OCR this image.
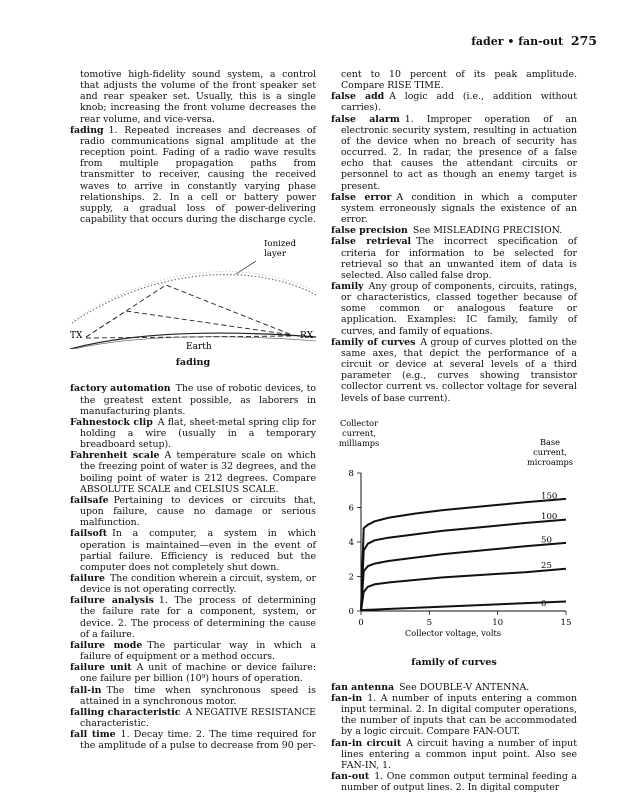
fader • fan-out 275

tomotive high-fidelity sound system, a control that adjusts the volume of the front speaker set and rear speaker set. Usually, this is a single knob; increasing the front volume decreases the rear volume, and vice-versa.

fading 1. Repeated increases and decreases of radio communications signal amplitude at the reception point. Fading of a radio wave results from multiple propagation paths from transmitter to receiver, causing the received waves to arrive in constantly varying phase relationships. 2. In a cell or battery power supply, a gradual loss of power-delivering capability that occurs during the discharge cycle.

Ionized layer
TX	RX
Earth
fading

factory automation The use of robotic devices, to the greatest extent possible, as laborers in manufacturing plants.

Fahnestock clip A flat, sheet-metal spring clip for holding a wire (usually in a temporary breadboard setup).

Fahrenheit scale A temperature scale on which the freezing point of water is 32 degrees, and the boiling point of water is 212 degrees. Compare ABSOLUTE SCALE and CELSIUS SCALE.

failsafe Pertaining to devices or circuits that, upon failure, cause no damage or serious malfunction.

failsoft In a computer, a system in which operation is maintained—even in the event of partial failure. Efficiency is reduced but the computer does not completely shut down.

failure The condition wherein a circuit, system, or device is not operating correctly.

failure analysis 1. The process of determining the failure rate for a component, system, or device. 2. The process of determining the cause of a failure.

failure mode The particular way in which a failure of equipment or a method occurs.

failure unit A unit of machine or device failure: one failure per billion (10⁹) hours of operation.

fall-in The time when synchronous speed is attained in a synchronous motor.

falling characteristic A NEGATIVE RESISTANCE characteristic.

fall time 1. Decay time. 2. The time required for the amplitude of a pulse to decrease from 90 per-

cent to 10 percent of its peak amplitude. Compare RISE TIME.

false add A logic add (i.e., addition without carries).

false alarm 1. Improper operation of an electronic security system, resulting in actuation of the device when no breach of security has occurred. 2. In radar, the presence of a false echo that causes the attendant circuits or personnel to act as though an enemy target is present.

false error A condition in which a computer system erroneously signals the existence of an error.

false precision See MISLEADING PRECISION.

false retrieval The incorrect specification of criteria for information to be selected for retrieval so that an unwanted item of data is selected. Also called false drop.

family Any group of components, circuits, ratings, or characteristics, classed together because of some common or analogous feature or application. Examples: IC family, family of curves, and family of equations.

family of curves A group of curves plotted on the same axes, that depict the performance of a circuit or device at several levels of a third parameter (e.g., curves showing transistor collector current vs. collector voltage for several levels of base current).

Collector current, milliamps	Base current, microamps
0	5	10	15
0
2
4
6
8
0
25
50
100
150
Collector voltage, volts
family of curves

fan antenna See DOUBLE-V ANTENNA.

fan-in 1. A number of inputs entering a common input terminal. 2. In digital computer operations, the number of inputs that can be accommodated by a logic circuit. Compare FAN-OUT.

fan-in circuit A circuit having a number of input lines entering a common input point. Also see FAN-IN, 1.

fan-out 1. One common output terminal feeding a number of output lines. 2. In digital computer
